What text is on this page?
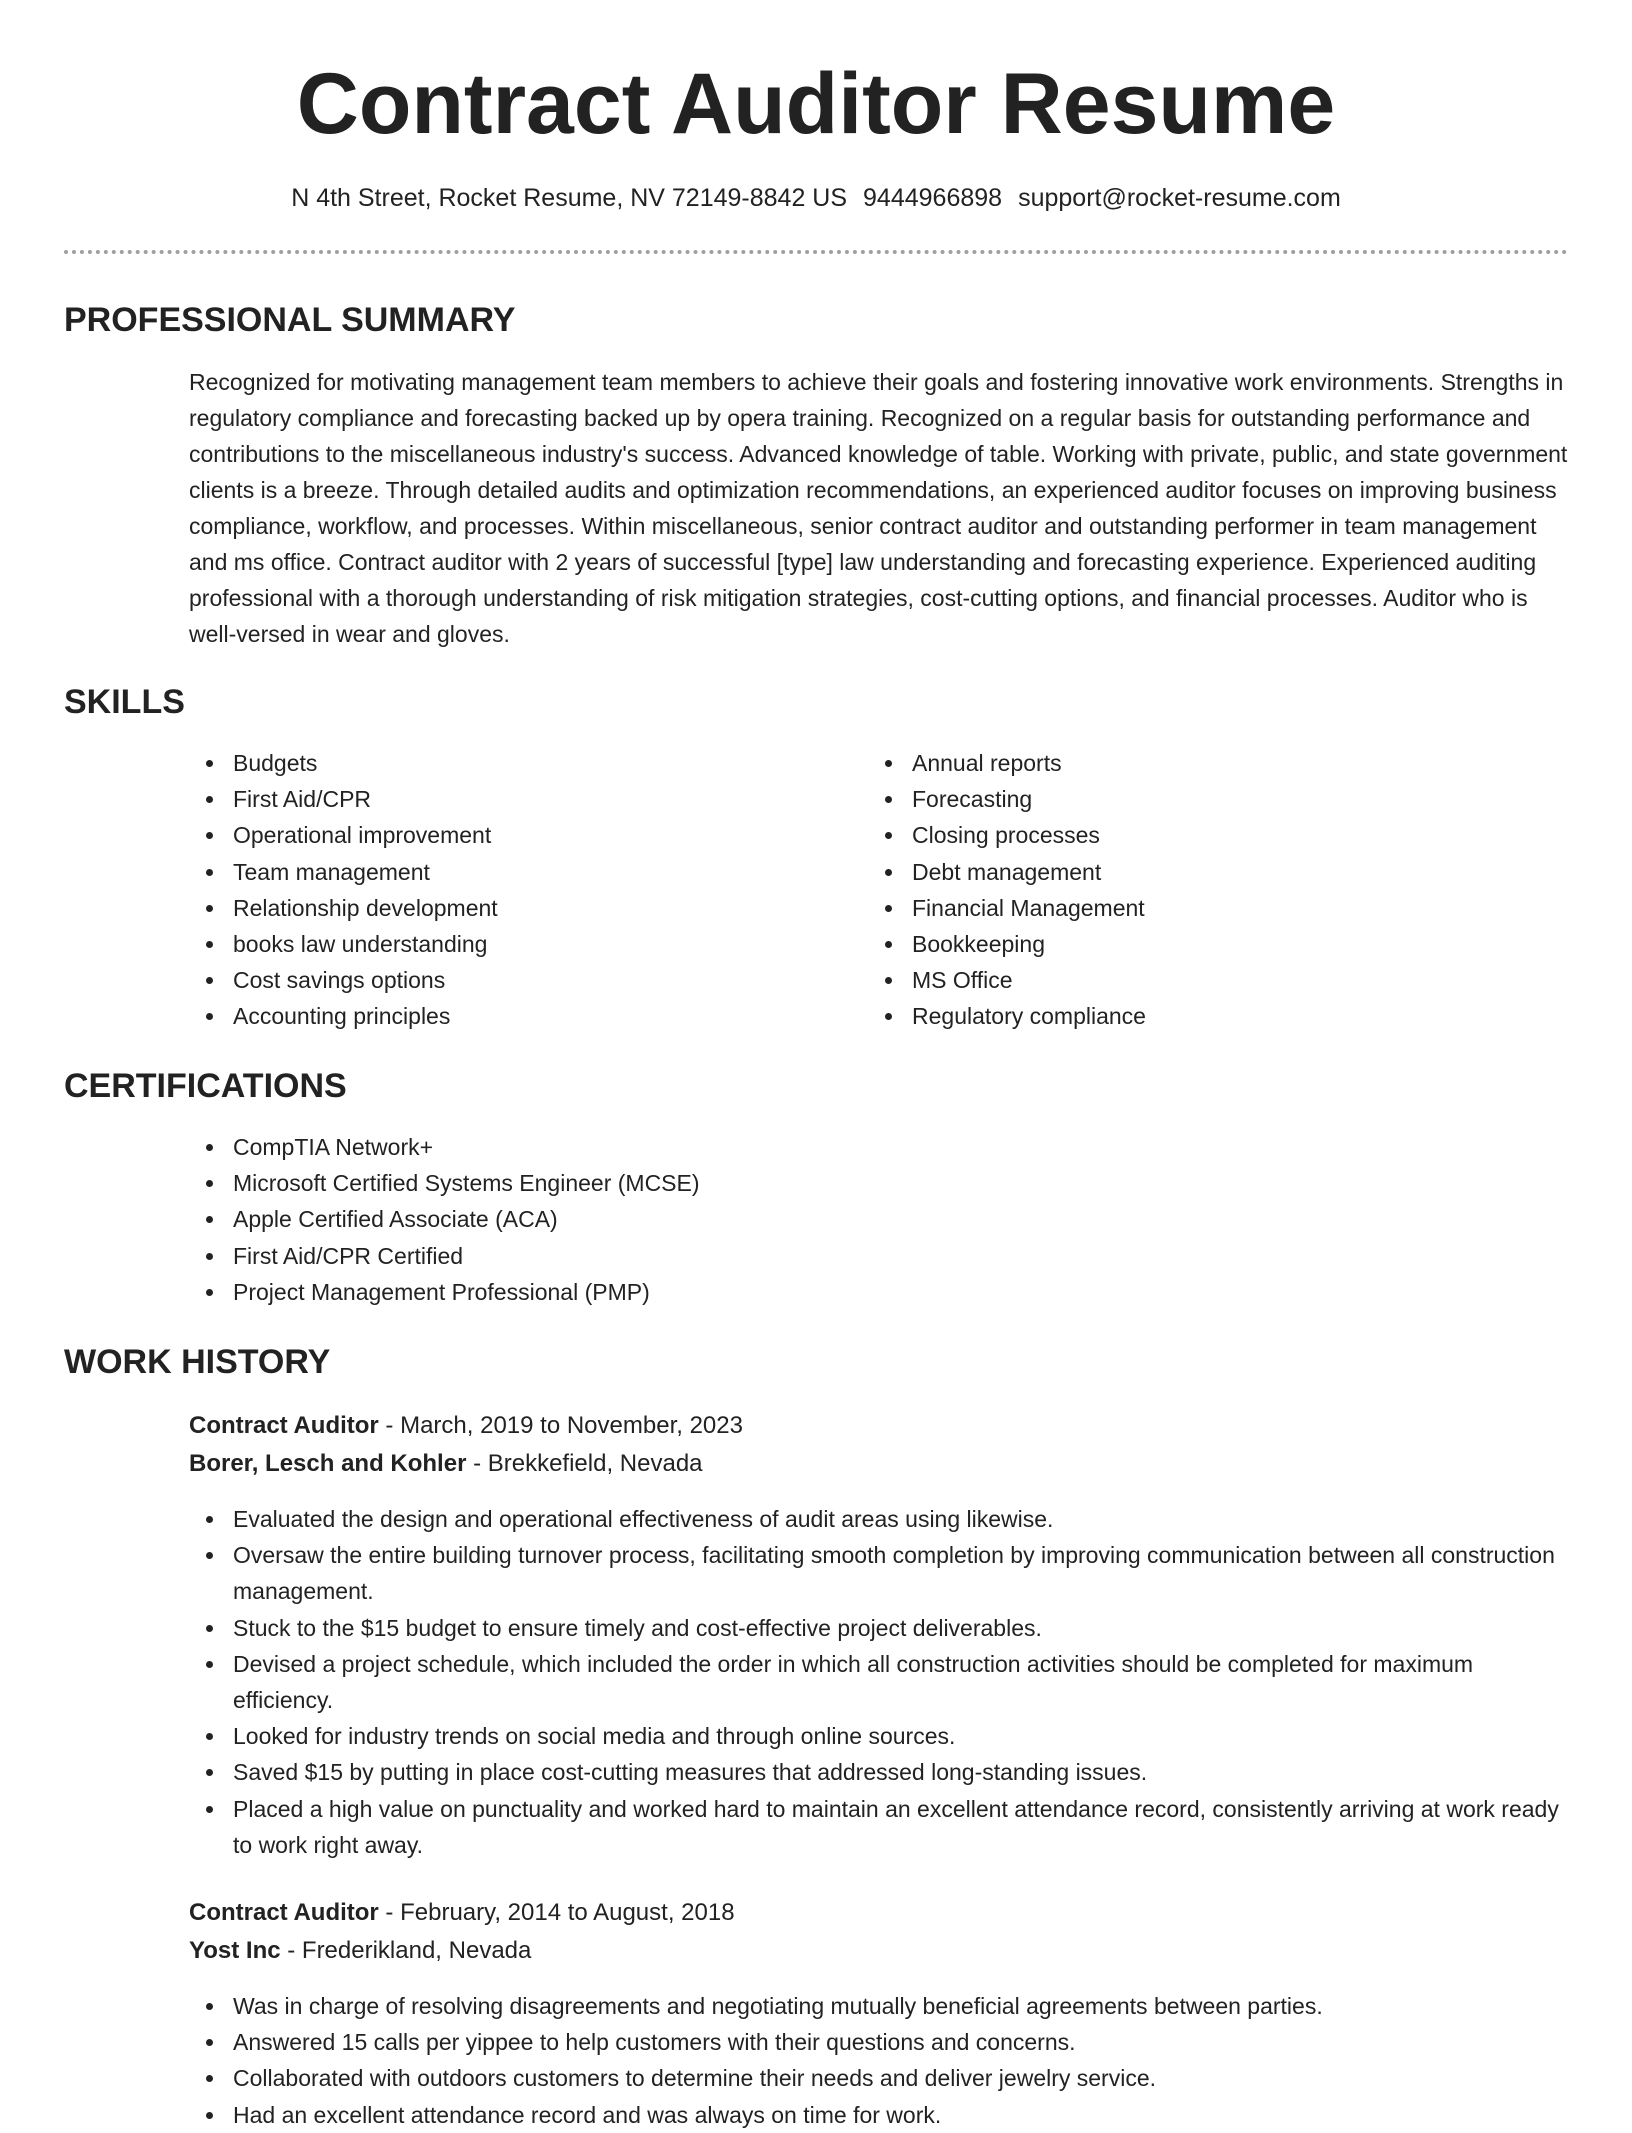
Contract Auditor Resume
N 4th Street, Rocket Resume, NV 72149-8842 US 9444966898 support@rocket-resume.com
PROFESSIONAL SUMMARY

Recognized for motivating management team members to achieve their goals and fostering innovative work environments. Strengths in regulatory compliance and forecasting backed up by opera training. Recognized on a regular basis for outstanding performance and contributions to the miscellaneous industry's success. Advanced knowledge of table. Working with private, public, and state government clients is a breeze. Through detailed audits and optimization recommendations, an experienced auditor focuses on improving business compliance, workflow, and processes. Within miscellaneous, senior contract auditor and outstanding performer in team management and ms office. Contract auditor with 2 years of successful [type] law understanding and forecasting experience. Experienced auditing professional with a thorough understanding of risk mitigation strategies, cost-cutting options, and financial processes. Auditor who is well-versed in wear and gloves.

SKILLS
Budgets
First Aid/CPR
Operational improvement
Team management
Relationship development
books law understanding
Cost savings options
Accounting principles
Annual reports
Forecasting
Closing processes
Debt management
Financial Management
Bookkeeping
MS Office
Regulatory compliance
CERTIFICATIONS
CompTIA Network+
Microsoft Certified Systems Engineer (MCSE)
Apple Certified Associate (ACA)
First Aid/CPR Certified
Project Management Professional (PMP)
WORK HISTORY
Contract Auditor - March, 2019 to November, 2023
Borer, Lesch and Kohler - Brekkefield, Nevada
Evaluated the design and operational effectiveness of audit areas using likewise.
Oversaw the entire building turnover process, facilitating smooth completion by improving communication between all construction management.
Stuck to the $15 budget to ensure timely and cost-effective project deliverables.
Devised a project schedule, which included the order in which all construction activities should be completed for maximum efficiency.
Looked for industry trends on social media and through online sources.
Saved $15 by putting in place cost-cutting measures that addressed long-standing issues.
Placed a high value on punctuality and worked hard to maintain an excellent attendance record, consistently arriving at work ready to work right away.
Contract Auditor - February, 2014 to August, 2018
Yost Inc - Frederikland, Nevada
Was in charge of resolving disagreements and negotiating mutually beneficial agreements between parties.
Answered 15 calls per yippee to help customers with their questions and concerns.
Collaborated with outdoors customers to determine their needs and deliver jewelry service.
Had an excellent attendance record and was always on time for work.
